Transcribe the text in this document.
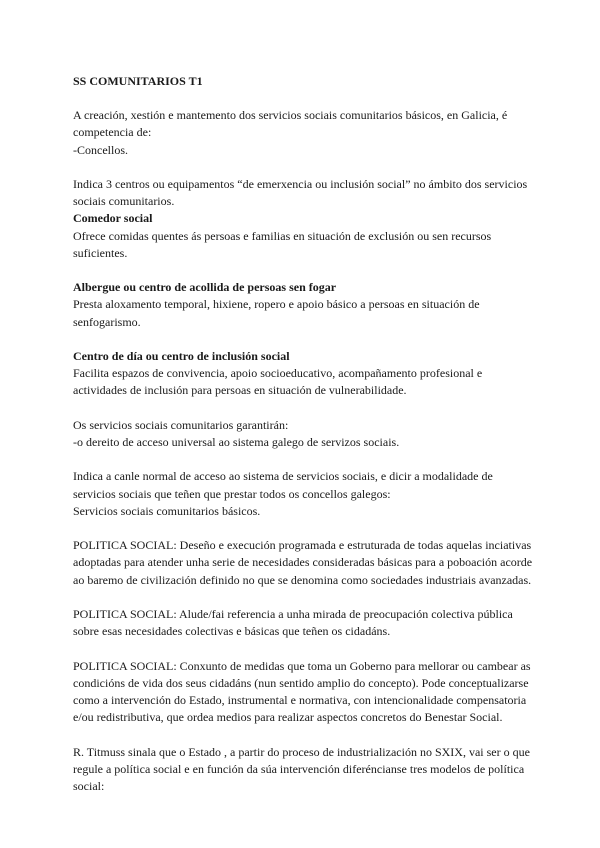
SS COMUNITARIOS T1
A creación, xestión e mantemento dos servicios sociais comunitarios básicos, en Galicia, é competencia de:
-Concellos.
Indica 3 centros ou equipamentos “de emerxencia ou inclusión social” no ámbito dos servicios sociais comunitarios.
Comedor social
Ofrece comidas quentes ás persoas e familias en situación de exclusión ou sen recursos suficientes.
Albergue ou centro de acollida de persoas sen fogar
Presta aloxamento temporal, hixiene, ropero e apoio básico a persoas en situación de senfogarismo.
Centro de día ou centro de inclusión social
Facilita espazos de convivencia, apoio socioeducativo, acompañamento profesional e actividades de inclusión para persoas en situación de vulnerabilidade.
Os servicios sociais comunitarios garantirán:
-o dereito de acceso universal ao sistema galego de servizos sociais.
Indica a canle normal de acceso ao sistema de servicios sociais, e dicir a modalidade de servicios sociais que teñen que prestar todos os concellos galegos:
Servicios sociais comunitarios básicos.
POLITICA SOCIAL: Deseño e execución programada e estruturada de todas aquelas inciativas adoptadas para atender unha serie de necesidades consideradas básicas para a poboación acorde ao baremo de civilización definido no que se denomina como sociedades industriais avanzadas.
POLITICA SOCIAL: Alude/fai referencia a unha mirada de preocupación colectiva pública sobre esas necesidades colectivas e básicas que teñen os cidadáns.
POLITICA SOCIAL: Conxunto de medidas que toma un Goberno para mellorar ou cambear as condicións de vida dos seus cidadáns (nun sentido amplio do concepto). Pode conceptualizarse como a intervención do Estado, instrumental e normativa, con intencionalidade compensatoria e/ou redistributiva, que ordea medios para realizar aspectos concretos do Benestar Social.
R. Titmuss sinala que o Estado , a partir do proceso de industrialización no SXIX, vai ser o que regule a política social e en función da súa intervención diferéncianse tres modelos de política social:
